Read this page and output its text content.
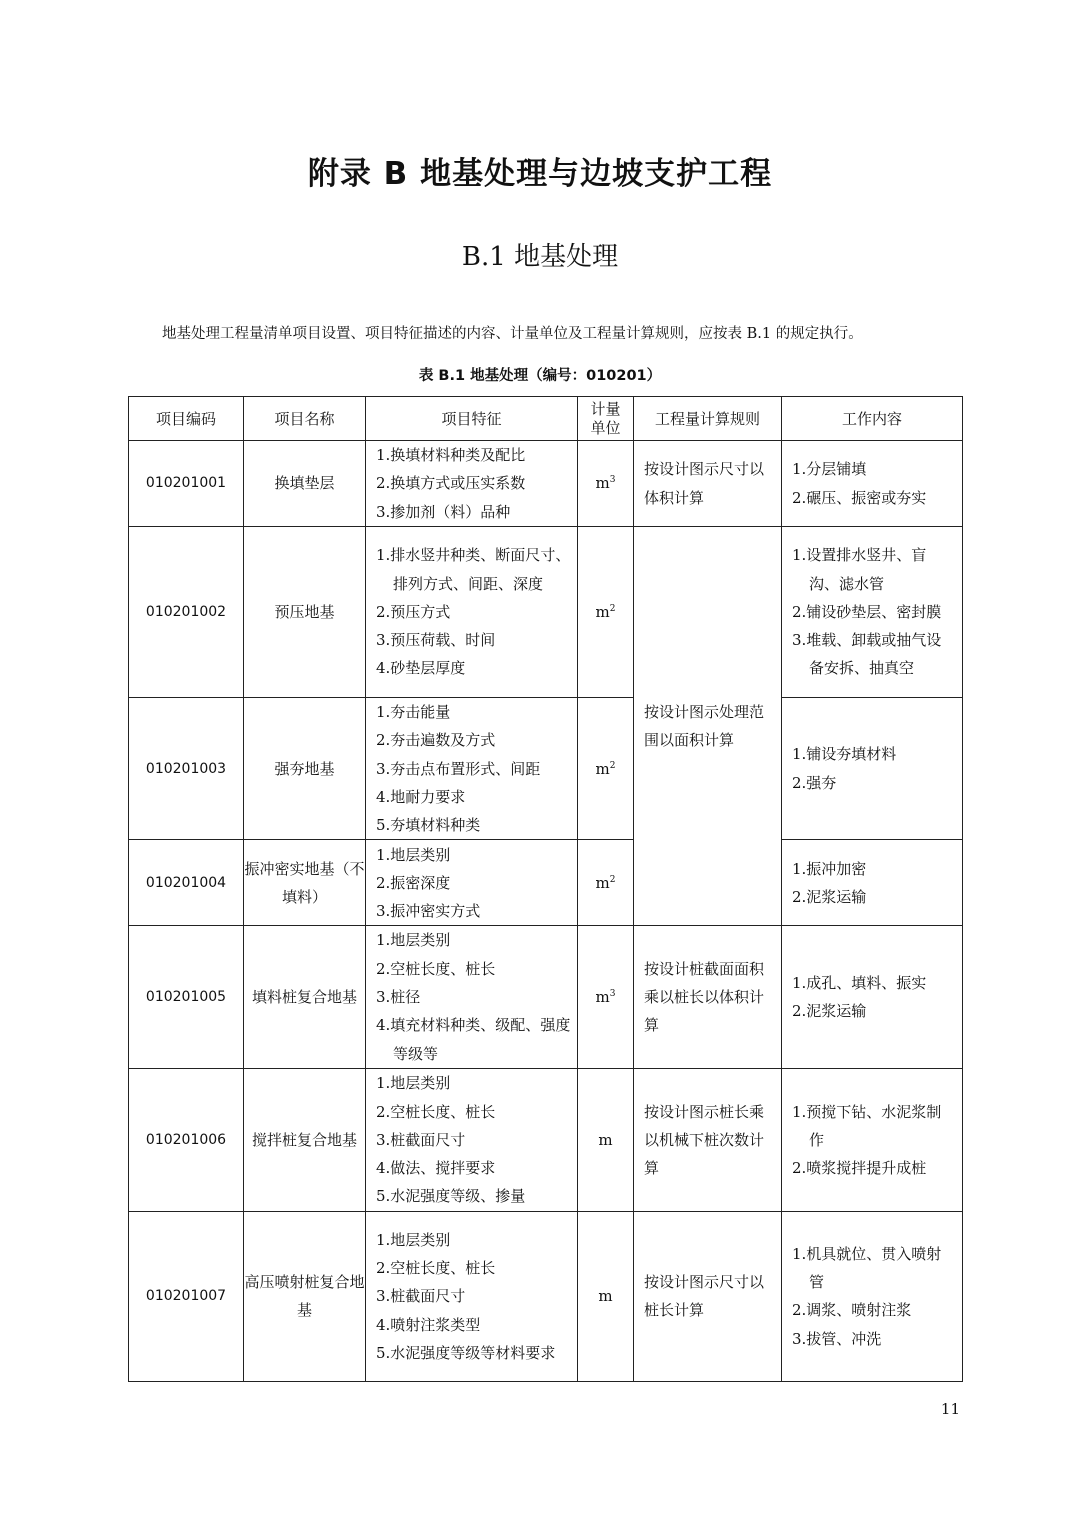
附录 B 地基处理与边坡支护工程
B.1 地基处理

地基处理工程量清单项目设置、项目特征描述的内容、计量单位及工程量计算规则，应按表 B.1 的规定执行。

表 B.1 地基处理（编号：010201）

项目编码	项目名称	项目特征	计量
单位	工程量计算规则	工作内容
010201001	换填垫层	1.换填材料种类及配比
2.换填方式或压实系数
3.掺加剂（料）品种	$m^3$	按设计图示尺寸以体积计算	1.分层铺填
2.碾压、振密或夯实

010201002	预压地基	1.排水竖井种类、断面尺寸、排列方式、间距、深度
2.预压方式
3.预压荷载、时间
4.砂垫层厚度	$m^2$	按设计图示处理范围以面积计算	1.设置排水竖井、盲沟、滤水管
2.铺设砂垫层、密封膜
3.堆载、卸载或抽气设备安拆、抽真空

010201003	强夯地基	1.夯击能量
2.夯击遍数及方式
3.夯击点布置形式、间距
4.地耐力要求
5.夯填材料种类	$m^2$		1.铺设夯填材料
2.强夯

010201004	振冲密实地基（不填料）	1.地层类别
2.振密深度
3.振冲密实方式	$m^2$		1.振冲加密
2.泥浆运输

010201005	填料桩复合地基	1.地层类别
2.空桩长度、桩长
3.桩径
4.填充材料种类、级配、强度等级等	$m^3$	按设计桩截面面积乘以桩长以体积计算	1.成孔、填料、振实
2.泥浆运输

010201006	搅拌桩复合地基	1.地层类别
2.空桩长度、桩长
3.桩截面尺寸
4.做法、搅拌要求
5.水泥强度等级、掺量	m	按设计图示桩长乘以机械下桩次数计算	1.预搅下钻、水泥浆制作
2.喷浆搅拌提升成桩

010201007	高压喷射桩复合地基	1.地层类别
2.空桩长度、桩长
3.桩截面尺寸
4.喷射注浆类型
5.水泥强度等级等材料要求	m	按设计图示尺寸以桩长计算	1.机具就位、贯入喷射管
2.调浆、喷射注浆
3.拔管、冲洗

11
